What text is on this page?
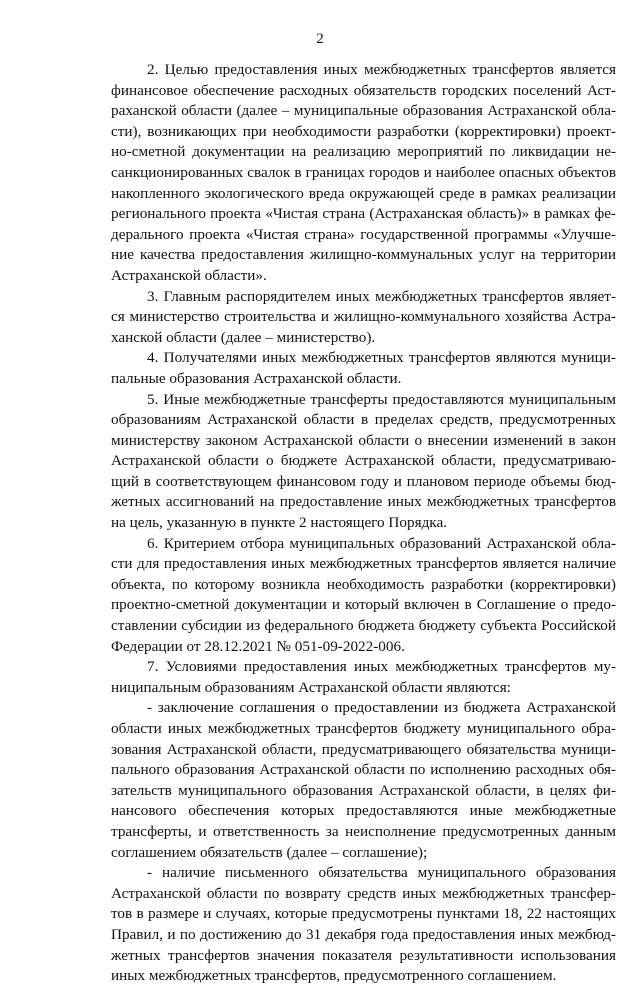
2
2. Целью предоставления иных межбюджетных трансфертов является
финансовое обеспечение расходных обязательств городских поселений Аст-
раханской области (далее – муниципальные образования Астраханской обла-
сти), возникающих при необходимости разработки (корректировки) проект-
но-сметной документации на реализацию мероприятий по ликвидации не-
санкционированных свалок в границах городов и наиболее опасных объектов
накопленного экологического вреда окружающей среде в рамках реализации
регионального проекта «Чистая страна (Астраханская область)» в рамках фе-
дерального проекта «Чистая страна» государственной программы «Улучше-
ние качества предоставления жилищно-коммунальных услуг на территории
Астраханской области».
3. Главным распорядителем иных межбюджетных трансфертов являет-
ся министерство строительства и жилищно-коммунального хозяйства Астра-
ханской области (далее – министерство).
4. Получателями иных межбюджетных трансфертов являются муници-
пальные образования Астраханской области.
5. Иные межбюджетные трансферты предоставляются муниципальным
образованиям Астраханской области в пределах средств, предусмотренных
министерству законом Астраханской области о внесении изменений в закон
Астраханской области о бюджете Астраханской области, предусматриваю-
щий в соответствующем финансовом году и плановом периоде объемы бюд-
жетных ассигнований на предоставление иных межбюджетных трансфертов
на цель, указанную в пункте 2 настоящего Порядка.
6. Критерием отбора муниципальных образований Астраханской обла-
сти для предоставления иных межбюджетных трансфертов является наличие
объекта, по которому возникла необходимость разработки (корректировки)
проектно-сметной документации и который включен в Соглашение о предо-
ставлении субсидии из федерального бюджета бюджету субъекта Российской
Федерации от 28.12.2021 № 051-09-2022-006.
7. Условиями предоставления иных межбюджетных трансфертов му-
ниципальным образованиям Астраханской области являются:
- заключение соглашения о предоставлении из бюджета Астраханской
области иных межбюджетных трансфертов бюджету муниципального обра-
зования Астраханской области, предусматривающего обязательства муници-
пального образования Астраханской области по исполнению расходных обя-
зательств муниципального образования Астраханской области, в целях фи-
нансового обеспечения которых предоставляются иные межбюджетные
трансферты, и ответственность за неисполнение предусмотренных данным
соглашением обязательств (далее – соглашение);
- наличие письменного обязательства муниципального образования
Астраханской области по возврату средств иных межбюджетных трансфер-
тов в размере и случаях, которые предусмотрены пунктами 18, 22 настоящих
Правил, и по достижению до 31 декабря года предоставления иных межбюд-
жетных трансфертов значения показателя результативности использования
иных межбюджетных трансфертов, предусмотренного соглашением.
